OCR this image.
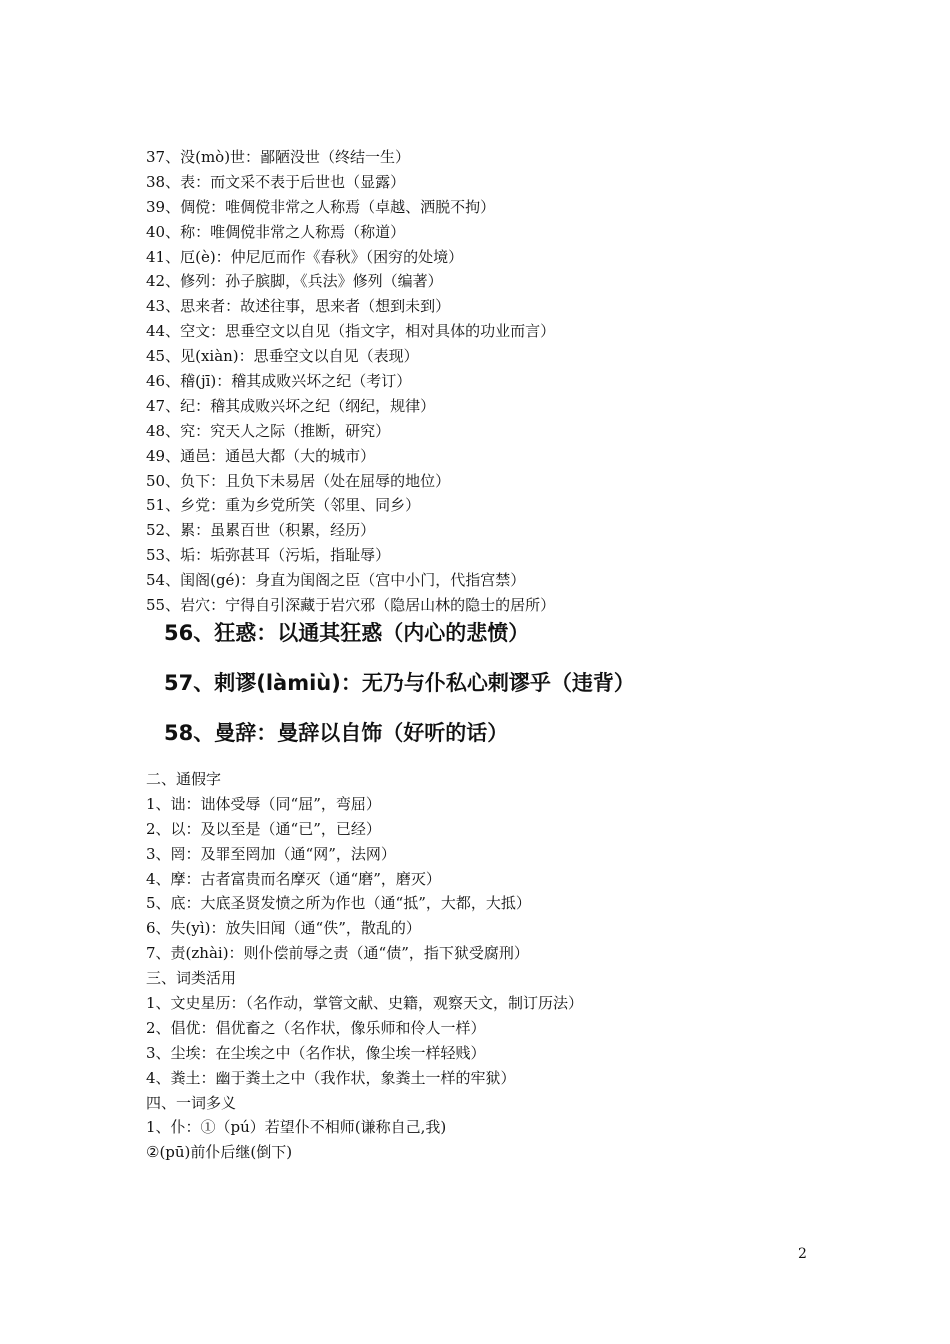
37、没(mò)世：鄙陋没世（终结一生）
38、表：而文采不表于后世也（显露）
39、倜傥：唯倜傥非常之人称焉（卓越、洒脱不拘）
40、称：唯倜傥非常之人称焉（称道）
41、厄(è)：仲尼厄而作《春秋》（困穷的处境）
42、修列：孙子膑脚，《兵法》修列（编著）
43、思来者：故述往事，思来者（想到未到）
44、空文：思垂空文以自见（指文字，相对具体的功业而言）
45、见(xiàn)：思垂空文以自见（表现）
46、稽(jī)：稽其成败兴坏之纪（考订）
47、纪：稽其成败兴坏之纪（纲纪，规律）
48、究：究天人之际（推断，研究）
49、通邑：通邑大都（大的城市）
50、负下：且负下未易居（处在屈辱的地位）
51、乡党：重为乡党所笑（邻里、同乡）
52、累：虽累百世（积累，经历）
53、垢：垢弥甚耳（污垢，指耻辱）
54、闺阁(gé)：身直为闺阁之臣（宫中小门，代指宫禁）
55、岩穴：宁得自引深藏于岩穴邪（隐居山林的隐士的居所）
56、狂惑：以通其狂惑（内心的悲愤）
57、剌谬(làmiù)：无乃与仆私心剌谬乎（违背）
58、曼辞：曼辞以自饰（好听的话）
二、通假字
1、诎：诎体受辱（同“屈”，弯屈）
2、以：及以至是（通“已”，已经）
3、罔：及罪至罔加（通“网”，法网）
4、摩：古者富贵而名摩灭（通“磨”，磨灭）
5、底：大底圣贤发愤之所为作也（通“抵”，大都，大抵）
6、失(yì)：放失旧闻（通“佚”，散乱的）
7、责(zhài)：则仆偿前辱之责（通“债”，指下狱受腐刑）
三、词类活用
1、文史星历：（名作动，掌管文献、史籍，观察天文，制订历法）
2、倡优：倡优畜之（名作状，像乐师和伶人一样）
3、尘埃：在尘埃之中（名作状，像尘埃一样轻贱）
4、粪土：幽于粪土之中（我作状，象粪土一样的牢狱）
四、一词多义
1、仆：①（pú）若望仆不相师(谦称自己,我)
②(pū)前仆后继(倒下)
2
